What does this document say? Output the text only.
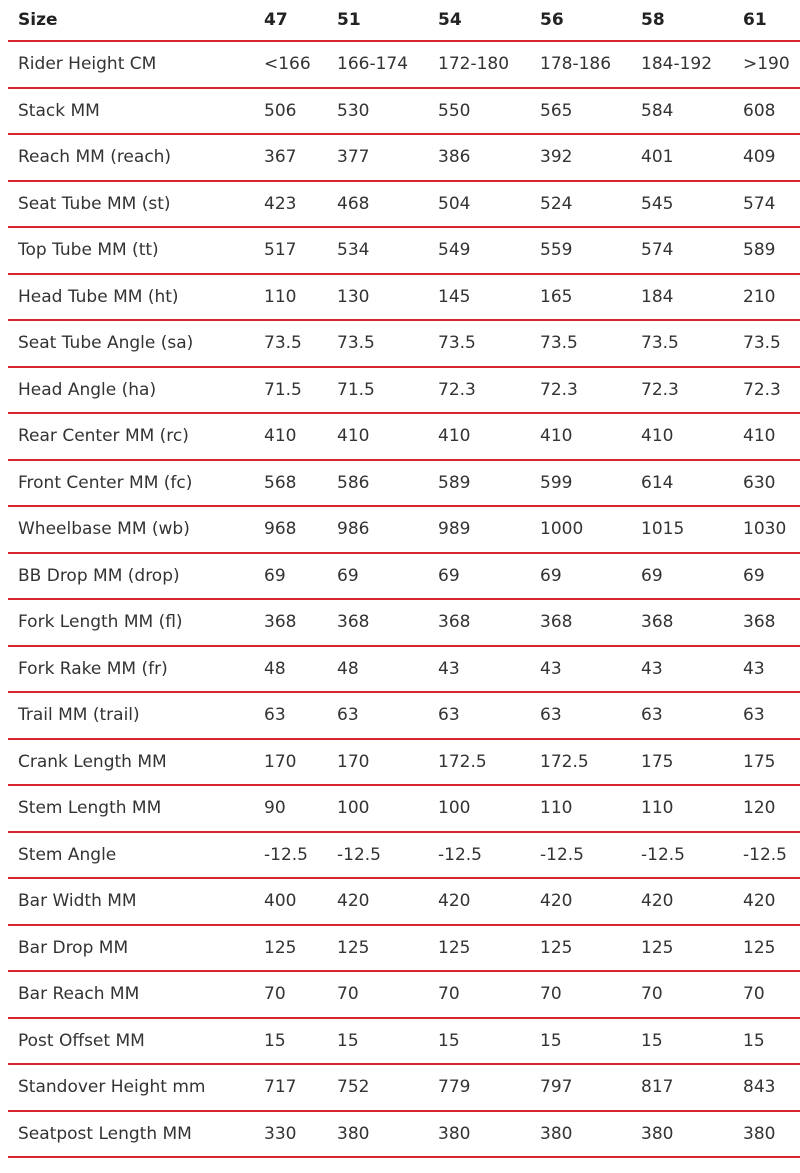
Size	47	51	54	56	58	61
Rider Height CM	<166	166-174	172-180	178-186	184-192	>190
Stack MM	506	530	550	565	584	608
Reach MM (reach)	367	377	386	392	401	409
Seat Tube MM (st)	423	468	504	524	545	574
Top Tube MM (tt)	517	534	549	559	574	589
Head Tube MM (ht)	110	130	145	165	184	210
Seat Tube Angle (sa)	73.5	73.5	73.5	73.5	73.5	73.5
Head Angle (ha)	71.5	71.5	72.3	72.3	72.3	72.3
Rear Center MM (rc)	410	410	410	410	410	410
Front Center MM (fc)	568	586	589	599	614	630
Wheelbase MM (wb)	968	986	989	1000	1015	1030
BB Drop MM (drop)	69	69	69	69	69	69
Fork Length MM (fl)	368	368	368	368	368	368
Fork Rake MM (fr)	48	48	43	43	43	43
Trail MM (trail)	63	63	63	63	63	63
Crank Length MM	170	170	172.5	172.5	175	175
Stem Length MM	90	100	100	110	110	120
Stem Angle	-12.5	-12.5	-12.5	-12.5	-12.5	-12.5
Bar Width MM	400	420	420	420	420	420
Bar Drop MM	125	125	125	125	125	125
Bar Reach MM	70	70	70	70	70	70
Post Offset MM	15	15	15	15	15	15
Standover Height mm	717	752	779	797	817	843
Seatpost Length MM	330	380	380	380	380	380
